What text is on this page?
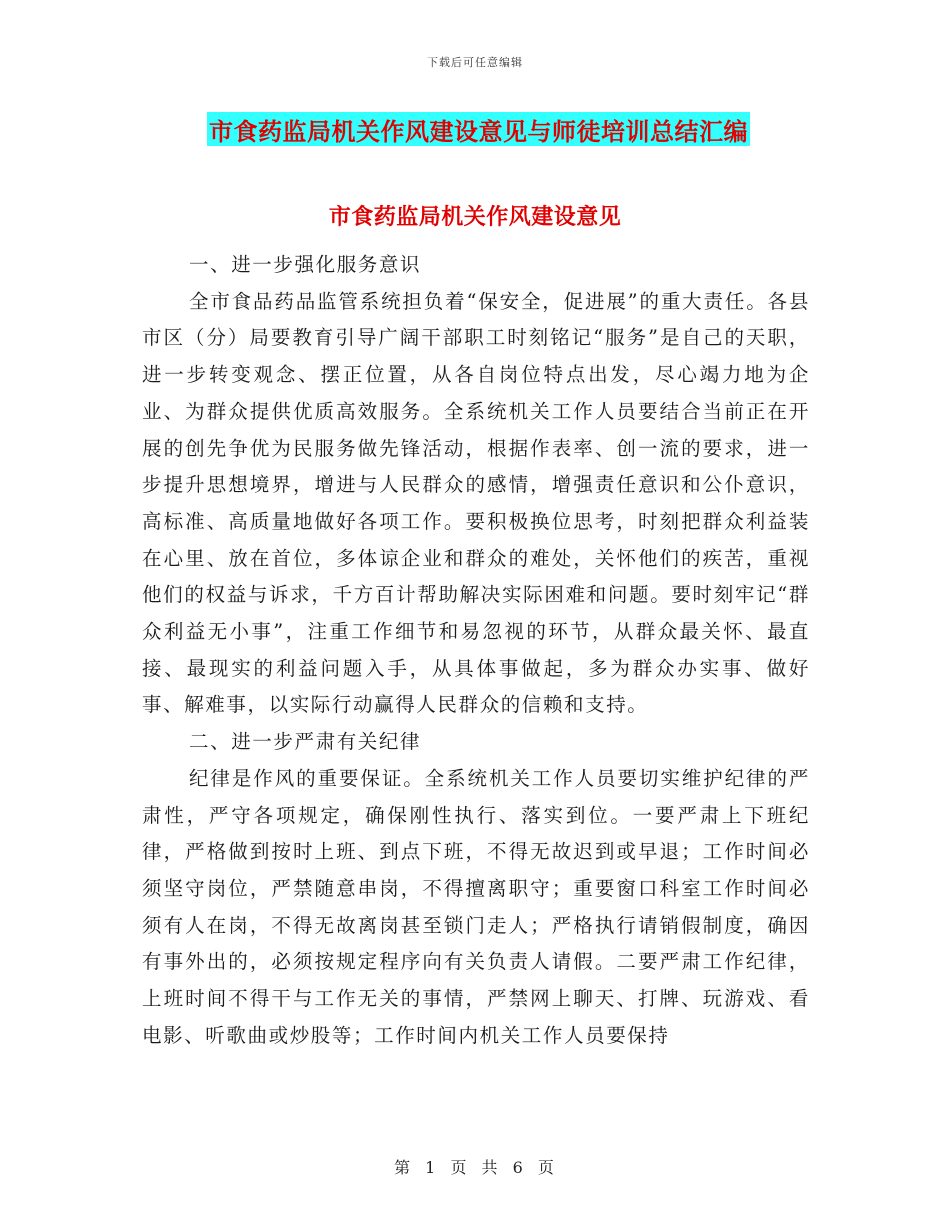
下载后可任意编辑
市食药监局机关作风建设意见与师徒培训总结汇编
市食药监局机关作风建设意见

一、进一步强化服务意识

全市食品药品监管系统担负着“保安全，促进展”的重大责任。各县市区（分）局要教育引导广阔干部职工时刻铭记“服务”是自己的天职，进一步转变观念、摆正位置，从各自岗位特点出发，尽心竭力地为企业、为群众提供优质高效服务。全系统机关工作人员要结合当前正在开展的创先争优为民服务做先锋活动，根据作表率、创一流的要求，进一步提升思想境界，增进与人民群众的感情，增强责任意识和公仆意识，高标准、高质量地做好各项工作。要积极换位思考，时刻把群众利益装在心里、放在首位，多体谅企业和群众的难处，关怀他们的疾苦，重视他们的权益与诉求，千方百计帮助解决实际困难和问题。要时刻牢记“群众利益无小事”，注重工作细节和易忽视的环节，从群众最关怀、最直接、最现实的利益问题入手，从具体事做起，多为群众办实事、做好事、解难事，以实际行动赢得人民群众的信赖和支持。

二、进一步严肃有关纪律

纪律是作风的重要保证。全系统机关工作人员要切实维护纪律的严肃性，严守各项规定，确保刚性执行、落实到位。一要严肃上下班纪律，严格做到按时上班、到点下班，不得无故迟到或早退；工作时间必须坚守岗位，严禁随意串岗，不得擅离职守；重要窗口科室工作时间必须有人在岗，不得无故离岗甚至锁门走人；严格执行请销假制度，确因有事外出的，必须按规定程序向有关负责人请假。二要严肃工作纪律，上班时间不得干与工作无关的事情，严禁网上聊天、打牌、玩游戏、看电影、听歌曲或炒股等；工作时间内机关工作人员要保持

第 1 页 共 6 页
